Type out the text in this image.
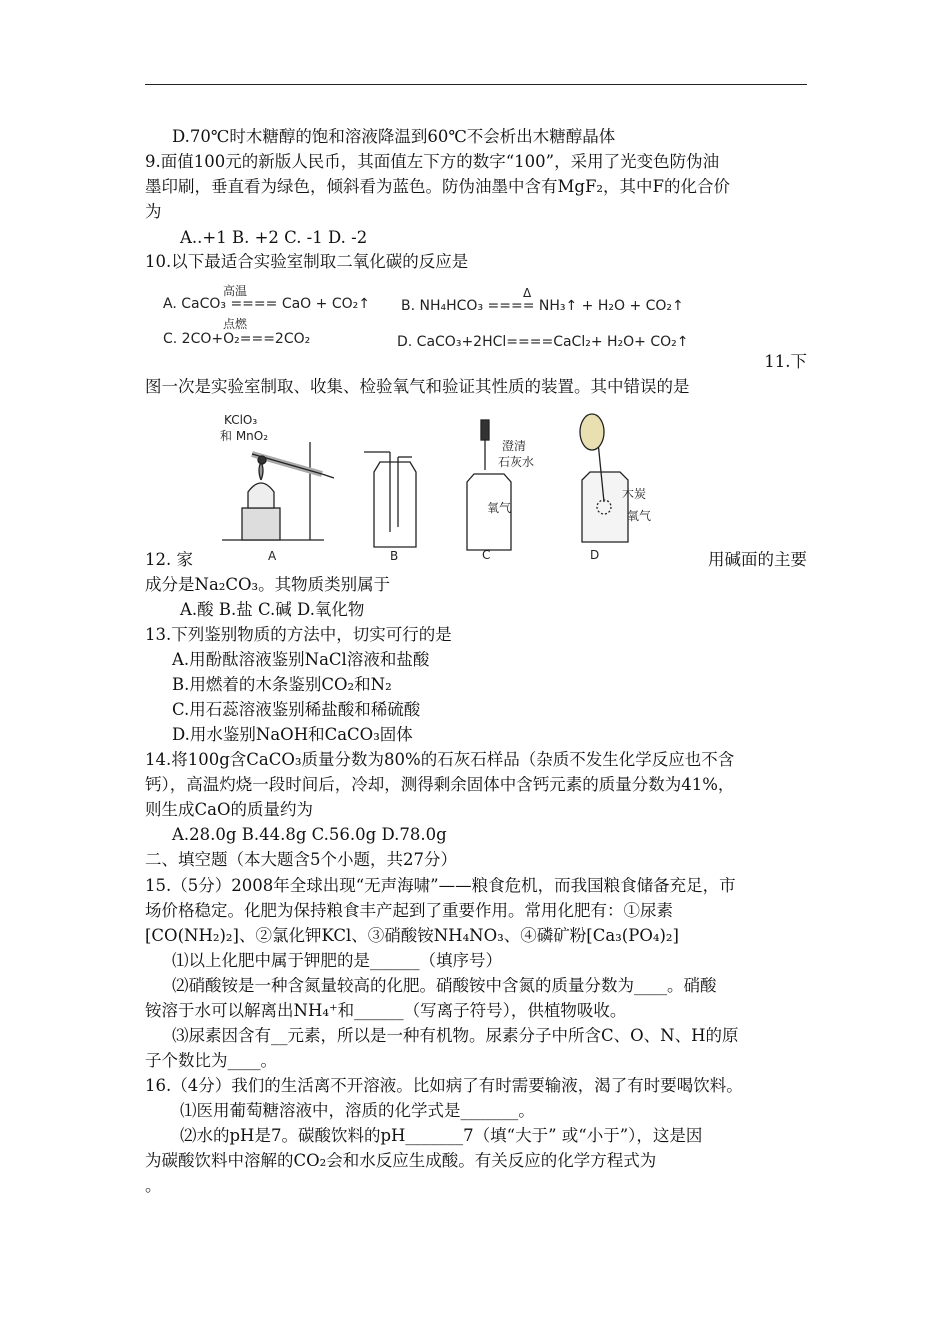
D.70℃时木糖醇的饱和溶液降温到60℃不会析出木糖醇晶体
9.面值100元的新版人民币，其面值左下方的数字“100”，采用了光变色防伪油
墨印刷，垂直看为绿色，倾斜看为蓝色。防伪油墨中含有MgF₂，其中F的化合价
为
A..+1 B. +2 C. -1 D. -2
10.以下最适合实验室制取二氧化碳的反应是
A. CaCO₃ ==== CaO + CO₂↑
高温
B. NH₄HCO₃ ==== NH₃↑ + H₂O + CO₂↑
Δ
C. 2CO+O₂===2CO₂
点燃
D. CaCO₃+2HCl====CaCl₂+ H₂O+ CO₂↑
11.下
图一次是实验室制取、收集、检验氧气和验证其性质的装置。其中错误的是
KClO₃
和 MnO₂
澄清
石灰水
氧气
木炭
氧气
A	B	C	D
12. 家	用碱面的主要
成分是Na₂CO₃。其物质类别属于
A.酸 B.盐 C.碱 D.氧化物
13.下列鉴别物质的方法中，切实可行的是
A.用酚酞溶液鉴别NaCl溶液和盐酸
B.用燃着的木条鉴别CO₂和N₂
C.用石蕊溶液鉴别稀盐酸和稀硫酸
D.用水鉴别NaOH和CaCO₃固体
14.将100g含CaCO₃质量分数为80%的石灰石样品（杂质不发生化学反应也不含
钙），高温灼烧一段时间后，冷却，测得剩余固体中含钙元素的质量分数为41%，
则生成CaO的质量约为
A.28.0g B.44.8g C.56.0g D.78.0g
二、填空题（本大题含5个小题，共27分）
15.（5分）2008年全球出现“无声海啸”——粮食危机，而我国粮食储备充足，市
场价格稳定。化肥为保持粮食丰产起到了重要作用。常用化肥有：①尿素
[CO(NH₂)₂]、②氯化钾KCl、③硝酸铵NH₄NO₃、④磷矿粉[Ca₃(PO₄)₂]
⑴以上化肥中属于钾肥的是______（填序号）
⑵硝酸铵是一种含氮量较高的化肥。硝酸铵中含氮的质量分数为____。硝酸
铵溶于水可以解离出NH₄⁺和______（写离子符号），供植物吸收。
⑶尿素因含有__元素，所以是一种有机物。尿素分子中所含C、O、N、H的原
子个数比为____。
16.（4分）我们的生活离不开溶液。比如病了有时需要输液，渴了有时要喝饮料。
⑴医用葡萄糖溶液中，溶质的化学式是_______。
⑵水的pH是7。碳酸饮料的pH_______7（填“大于” 或“小于”），这是因
为碳酸饮料中溶解的CO₂会和水反应生成酸。有关反应的化学方程式为
。
